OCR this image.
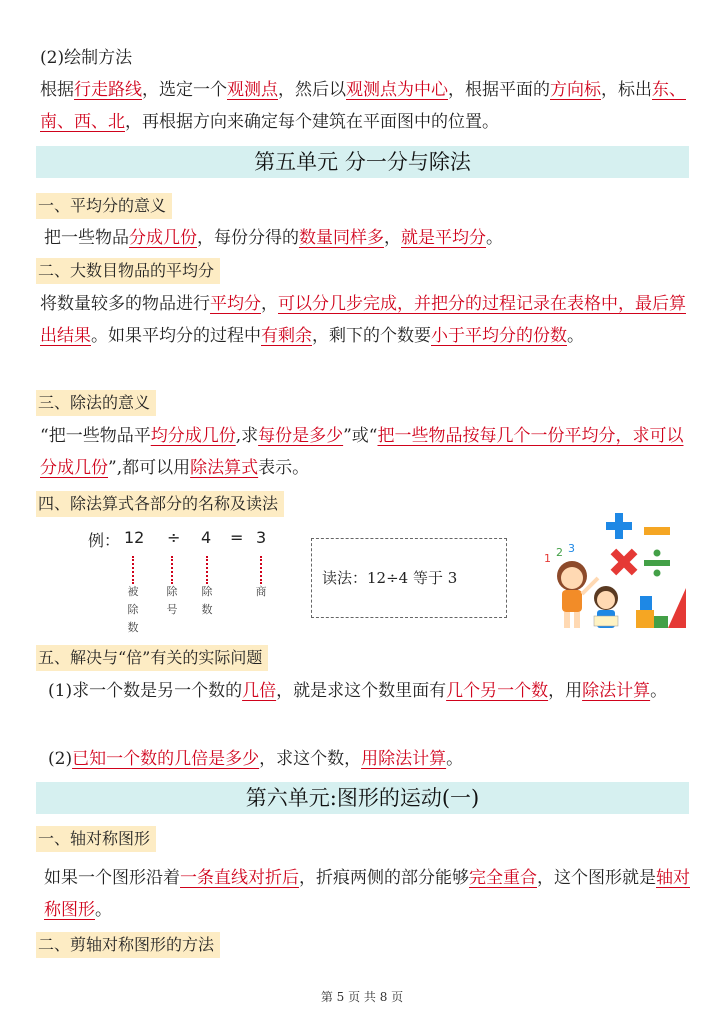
(2)绘制方法
根据行走路线，选定一个观测点，然后以观测点为中心，根据平面的方向标，标出东、南、西、北，再根据方向来确定每个建筑在平面图中的位置。
第五单元 分一分与除法
一、平均分的意义
把一些物品分成几份，每份分得的数量同样多，就是平均分。
二、大数目物品的平均分
将数量较多的物品进行平均分，可以分几步完成，并把分的过程记录在表格中，最后算出结果。如果平均分的过程中有剩余，剩下的个数要小于平均分的份数。
三、除法的意义
“把一些物品平均分成几份,求每份是多少”或“把一些物品按每几个一份平均分，求可以分成几份”,都可以用除法算式表示。
四、除法算式各部分的名称及读法
例： 12 ÷ 4 = 3
被除数
除号
除数
商
读法：12÷4 等于 3
1 2 3
五、解决与“倍”有关的实际问题
(1)求一个数是另一个数的几倍，就是求这个数里面有几个另一个数，用除法计算。
(2)已知一个数的几倍是多少，求这个数，用除法计算。
第六单元:图形的运动(一)
一、轴对称图形
如果一个图形沿着一条直线对折后，折痕两侧的部分能够完全重合，这个图形就是轴对称图形。
二、剪轴对称图形的方法
第 5 页 共 8 页
